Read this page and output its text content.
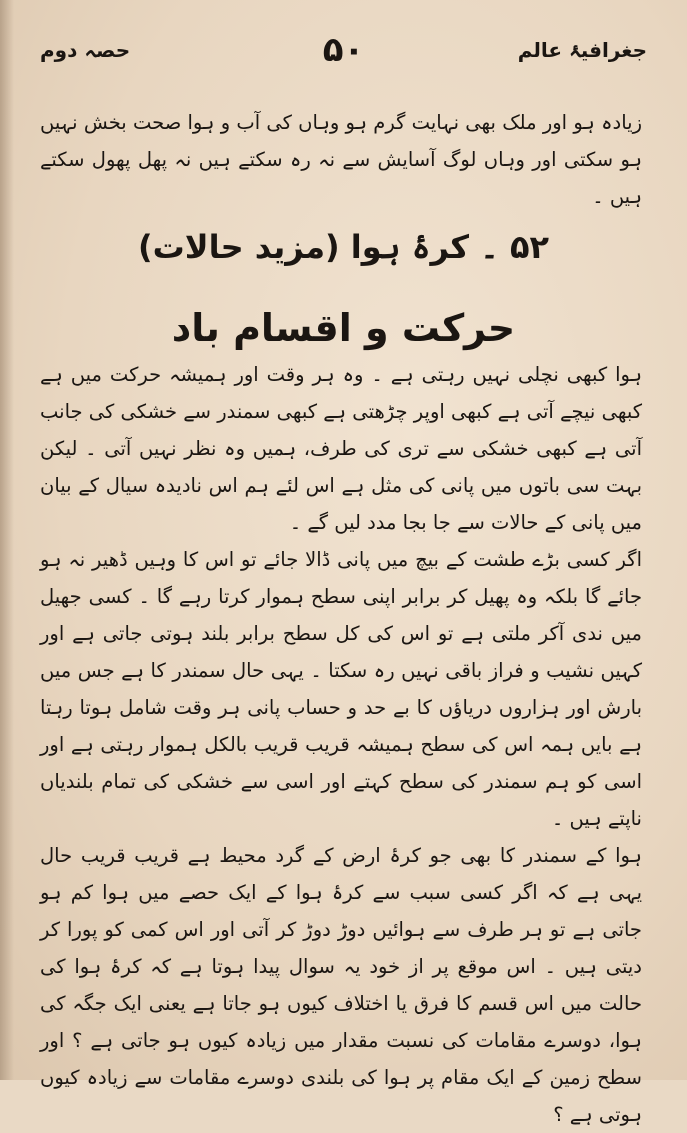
حصہ دوم	۵۰	جغرافیۂ عالم

زیادہ ہو اور ملک بھی نہایت گرم ہو وہاں کی آب و ہوا صحت بخش نہیں ہو سکتی اور وہاں لوگ آسایش سے نہ رہ سکتے ہیں نہ پھل پھول سکتے ہیں ۔

۵۲ ۔ کرۂ ہوا (مزید حالات)
حرکت و اقسام باد

ہوا کبھی نچلی نہیں رہتی ہے ۔ وہ ہر وقت اور ہمیشہ حرکت میں ہے کبھی نیچے آتی ہے کبھی اوپر چڑھتی ہے کبھی سمندر سے خشکی کی جانب آتی ہے کبھی خشکی سے تری کی طرف، ہمیں وہ نظر نہیں آتی ۔ لیکن بہت سی باتوں میں پانی کی مثل ہے اس لئے ہم اس نادیدہ سیال کے بیان میں پانی کے حالات سے جا بجا مدد لیں گے ۔

اگر کسی بڑے طشت کے بیچ میں پانی ڈالا جائے تو اس کا وہیں ڈھیر نہ ہو جائے گا بلکہ وہ پھیل کر برابر اپنی سطح ہموار کرتا رہے گا ۔ کسی جھیل میں ندی آکر ملتی ہے تو اس کی کل سطح برابر بلند ہوتی جاتی ہے اور کہیں نشیب و فراز باقی نہیں رہ سکتا ۔ یہی حال سمندر کا ہے جس میں بارش اور ہزاروں دریاؤں کا بے حد و حساب پانی ہر وقت شامل ہوتا رہتا ہے بایں ہمہ اس کی سطح ہمیشہ قریب قریب بالکل ہموار رہتی ہے اور اسی کو ہم سمندر کی سطح کہتے اور اسی سے خشکی کی تمام بلندیاں ناپتے ہیں ۔

ہوا کے سمندر کا بھی جو کرۂ ارض کے گرد محیط ہے قریب قریب حال یہی ہے کہ اگر کسی سبب سے کرۂ ہوا کے ایک حصے میں ہوا کم ہو جاتی ہے تو ہر طرف سے ہوائیں دوڑ دوڑ کر آتی اور اس کمی کو پورا کر دیتی ہیں ۔ اس موقع پر از خود یہ سوال پیدا ہوتا ہے کہ کرۂ ہوا کی حالت میں اس قسم کا فرق یا اختلاف کیوں ہو جاتا ہے یعنی ایک جگہ کی ہوا، دوسرے مقامات کی نسبت مقدار میں زیادہ کیوں ہو جاتی ہے ؟ اور سطح زمین کے ایک مقام پر ہوا کی بلندی دوسرے مقامات سے زیادہ کیوں ہوتی ہے ؟
